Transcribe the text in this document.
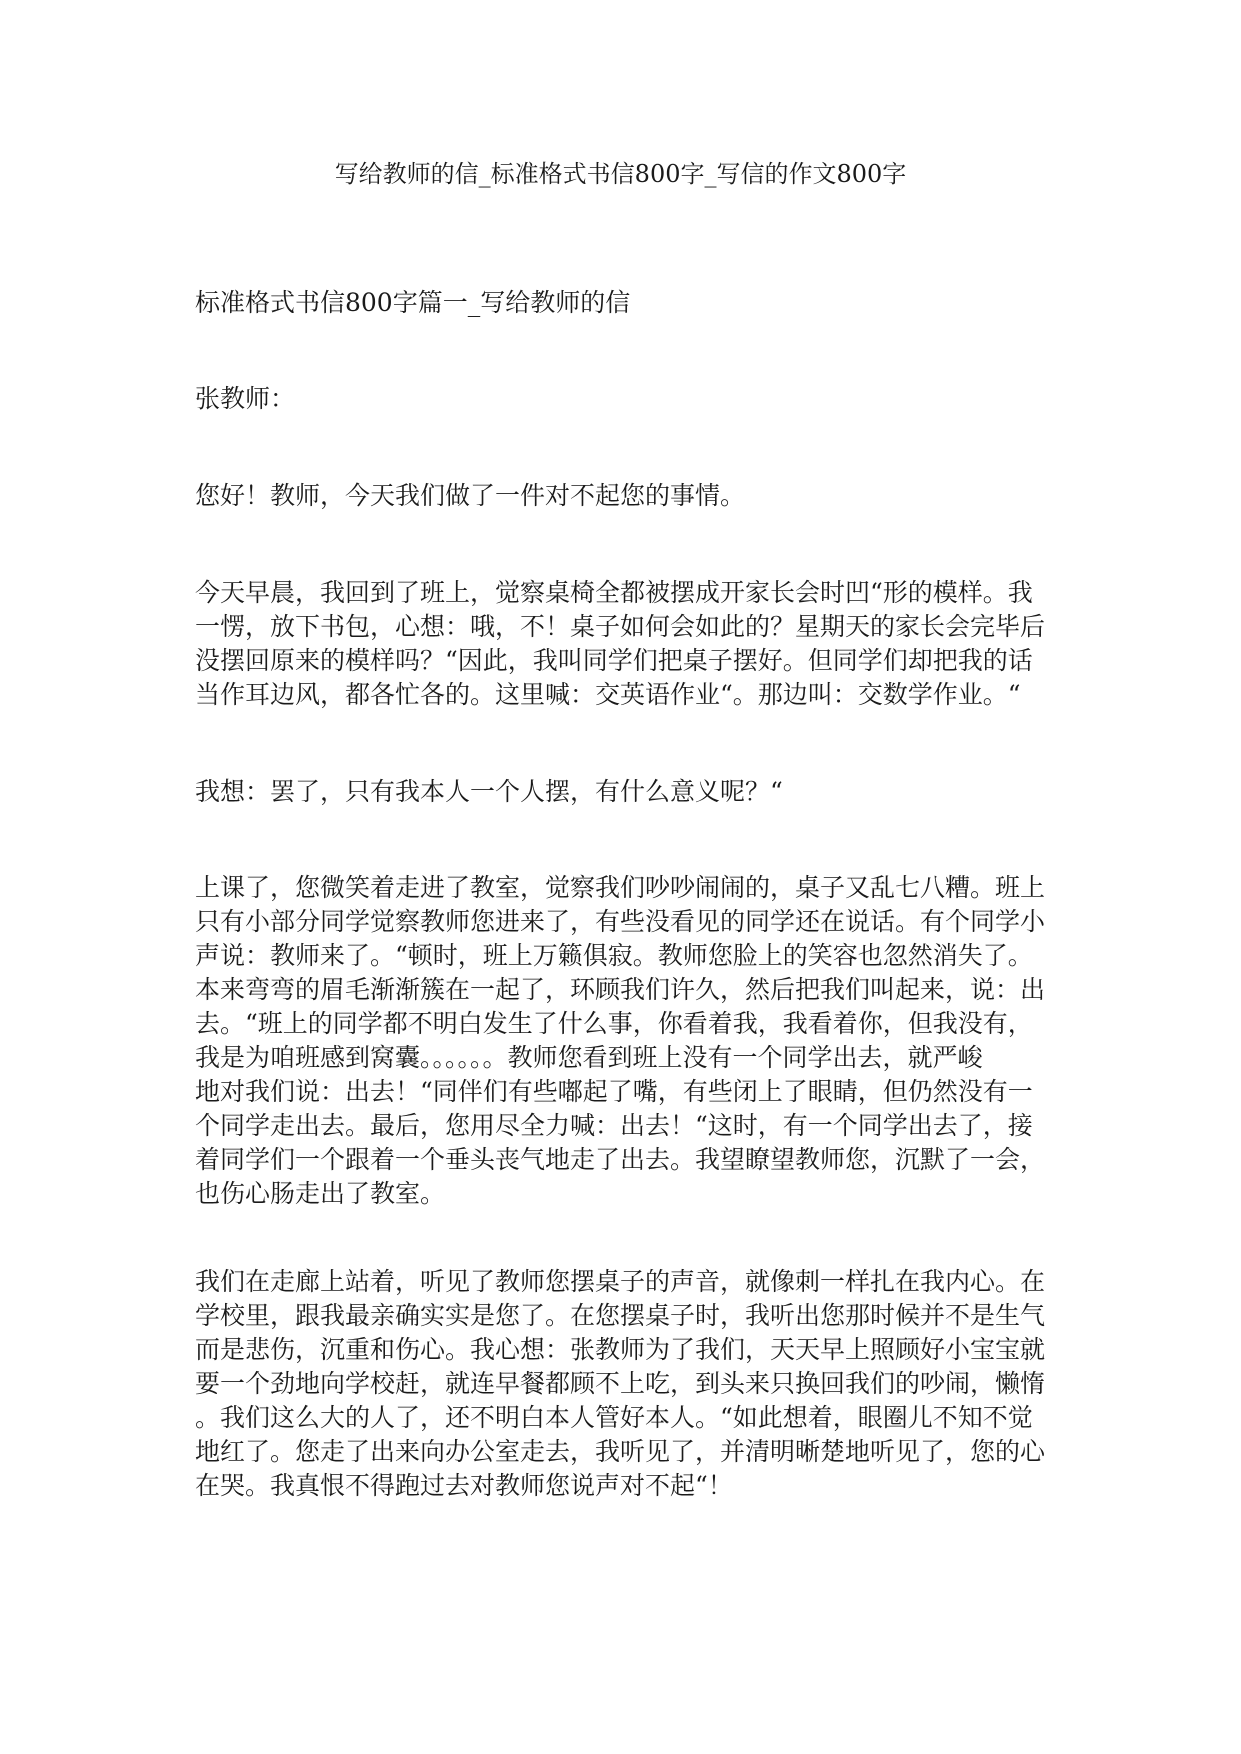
写给教师的信_标准格式书信800字_写信的作文800字

标准格式书信800字篇一_写给教师的信

张教师：

您好！教师，今天我们做了一件对不起您的事情。

今天早晨，我回到了班上，觉察桌椅全都被摆成开家长会时凹“形的模样。我
一愣，放下书包，心想：哦，不！桌子如何会如此的？星期天的家长会完毕后
没摆回原来的模样吗？“因此，我叫同学们把桌子摆好。但同学们却把我的话
当作耳边风，都各忙各的。这里喊：交英语作业“。那边叫：交数学作业。“

我想：罢了，只有我本人一个人摆，有什么意义呢？“

上课了，您微笑着走进了教室，觉察我们吵吵闹闹的，桌子又乱七八糟。班上
只有小部分同学觉察教师您进来了，有些没看见的同学还在说话。有个同学小
声说：教师来了。“顿时，班上万籁俱寂。教师您脸上的笑容也忽然消失了。
本来弯弯的眉毛渐渐簇在一起了，环顾我们许久，然后把我们叫起来，说：出
去。“班上的同学都不明白发生了什么事，你看着我，我看着你，但我没有，
我是为咱班感到窝囊。。。。。。教师您看到班上没有一个同学出去，就严峻
地对我们说：出去！“同伴们有些嘟起了嘴，有些闭上了眼睛，但仍然没有一
个同学走出去。最后，您用尽全力喊：出去！“这时，有一个同学出去了，接
着同学们一个跟着一个垂头丧气地走了出去。我望瞭望教师您，沉默了一会，
也伤心肠走出了教室。

我们在走廊上站着，听见了教师您摆桌子的声音，就像刺一样扎在我内心。在
学校里，跟我最亲确实实是您了。在您摆桌子时，我听出您那时候并不是生气
而是悲伤，沉重和伤心。我心想：张教师为了我们，天天早上照顾好小宝宝就
要一个劲地向学校赶，就连早餐都顾不上吃，到头来只换回我们的吵闹，懒惰
。我们这么大的人了，还不明白本人管好本人。“如此想着，眼圈儿不知不觉
地红了。您走了出来向办公室走去，我听见了，并清明晰楚地听见了，您的心
在哭。我真恨不得跑过去对教师您说声对不起“！
